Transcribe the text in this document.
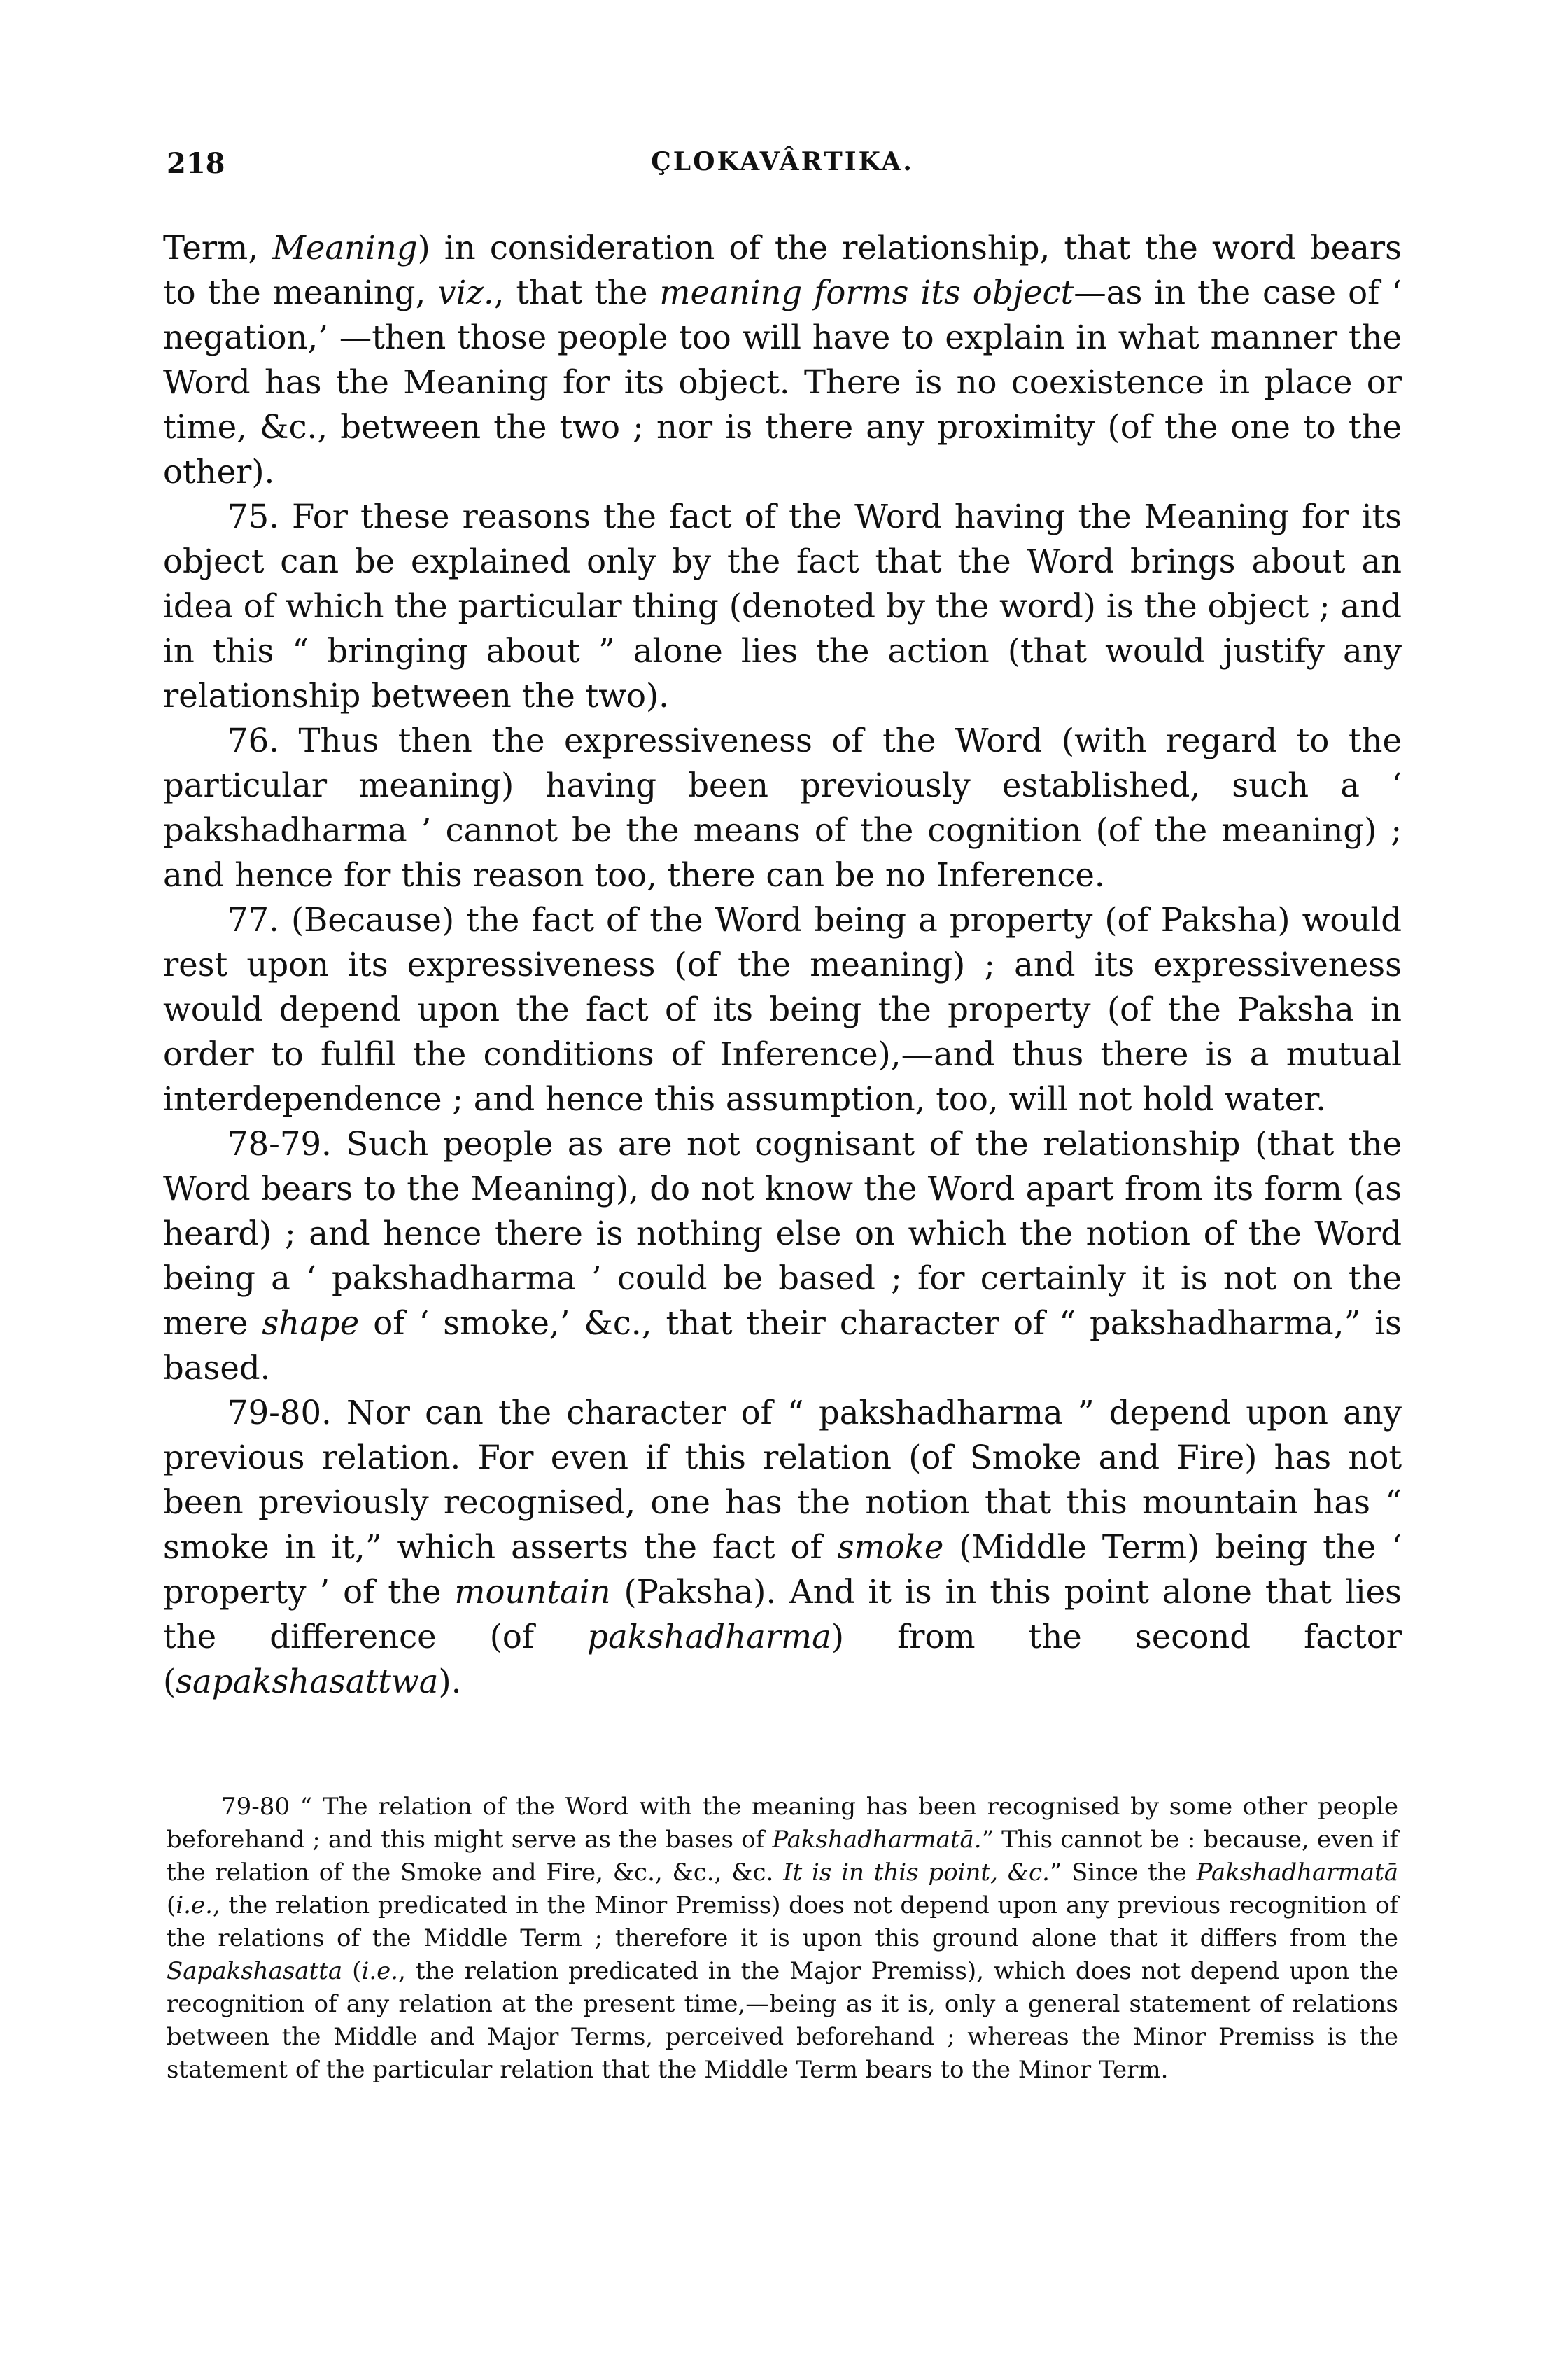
218	ÇLOKAVÂRTIKA.

Term, Meaning) in consideration of the relationship, that the word bears to the meaning, viz., that the meaning forms its object—as in the case of ‘ negation,’ —then those people too will have to explain in what manner the Word has the Meaning for its object. There is no coexistence in place or time, &c., between the two ; nor is there any proximity (of the one to the other).

75. For these reasons the fact of the Word having the Meaning for its object can be explained only by the fact that the Word brings about an idea of which the particular thing (denoted by the word) is the object ; and in this “ bringing about ” alone lies the action (that would justify any relationship between the two).

76. Thus then the expressiveness of the Word (with regard to the particular meaning) having been previously established, such a ‘ pakshadharma ’ cannot be the means of the cognition (of the meaning) ; and hence for this reason too, there can be no Inference.

77. (Because) the fact of the Word being a property (of Paksha) would rest upon its expressiveness (of the meaning) ; and its expressiveness would depend upon the fact of its being the property (of the Paksha in order to fulfil the conditions of Inference),—and thus there is a mutual interdependence ; and hence this assumption, too, will not hold water.

78-79. Such people as are not cognisant of the relationship (that the Word bears to the Meaning), do not know the Word apart from its form (as heard) ; and hence there is nothing else on which the notion of the Word being a ‘ pakshadharma ’ could be based ; for certainly it is not on the mere shape of ‘ smoke,’ &c., that their character of “ pakshadharma,” is based.

79-80. Nor can the character of “ pakshadharma ” depend upon any previous relation. For even if this relation (of Smoke and Fire) has not been previously recognised, one has the notion that this mountain has “ smoke in it,” which asserts the fact of smoke (Middle Term) being the ‘ property ’ of the mountain (Paksha). And it is in this point alone that lies the difference (of pakshadharma) from the second factor (sapakshasattwa).

79-80 “ The relation of the Word with the meaning has been recognised by some other people beforehand ; and this might serve as the bases of Pakshadharmatā.” This cannot be : because, even if the relation of the Smoke and Fire, &c., &c., &c. It is in this point, &c.” Since the Pakshadharmatā (i.e., the relation predicated in the Minor Premiss) does not depend upon any previous recognition of the relations of the Middle Term ; therefore it is upon this ground alone that it differs from the Sapakshasatta (i.e., the relation predicated in the Major Premiss), which does not depend upon the recognition of any relation at the present time,—being as it is, only a general statement of relations between the Middle and Major Terms, perceived beforehand ; whereas the Minor Premiss is the statement of the particular relation that the Middle Term bears to the Minor Term.
